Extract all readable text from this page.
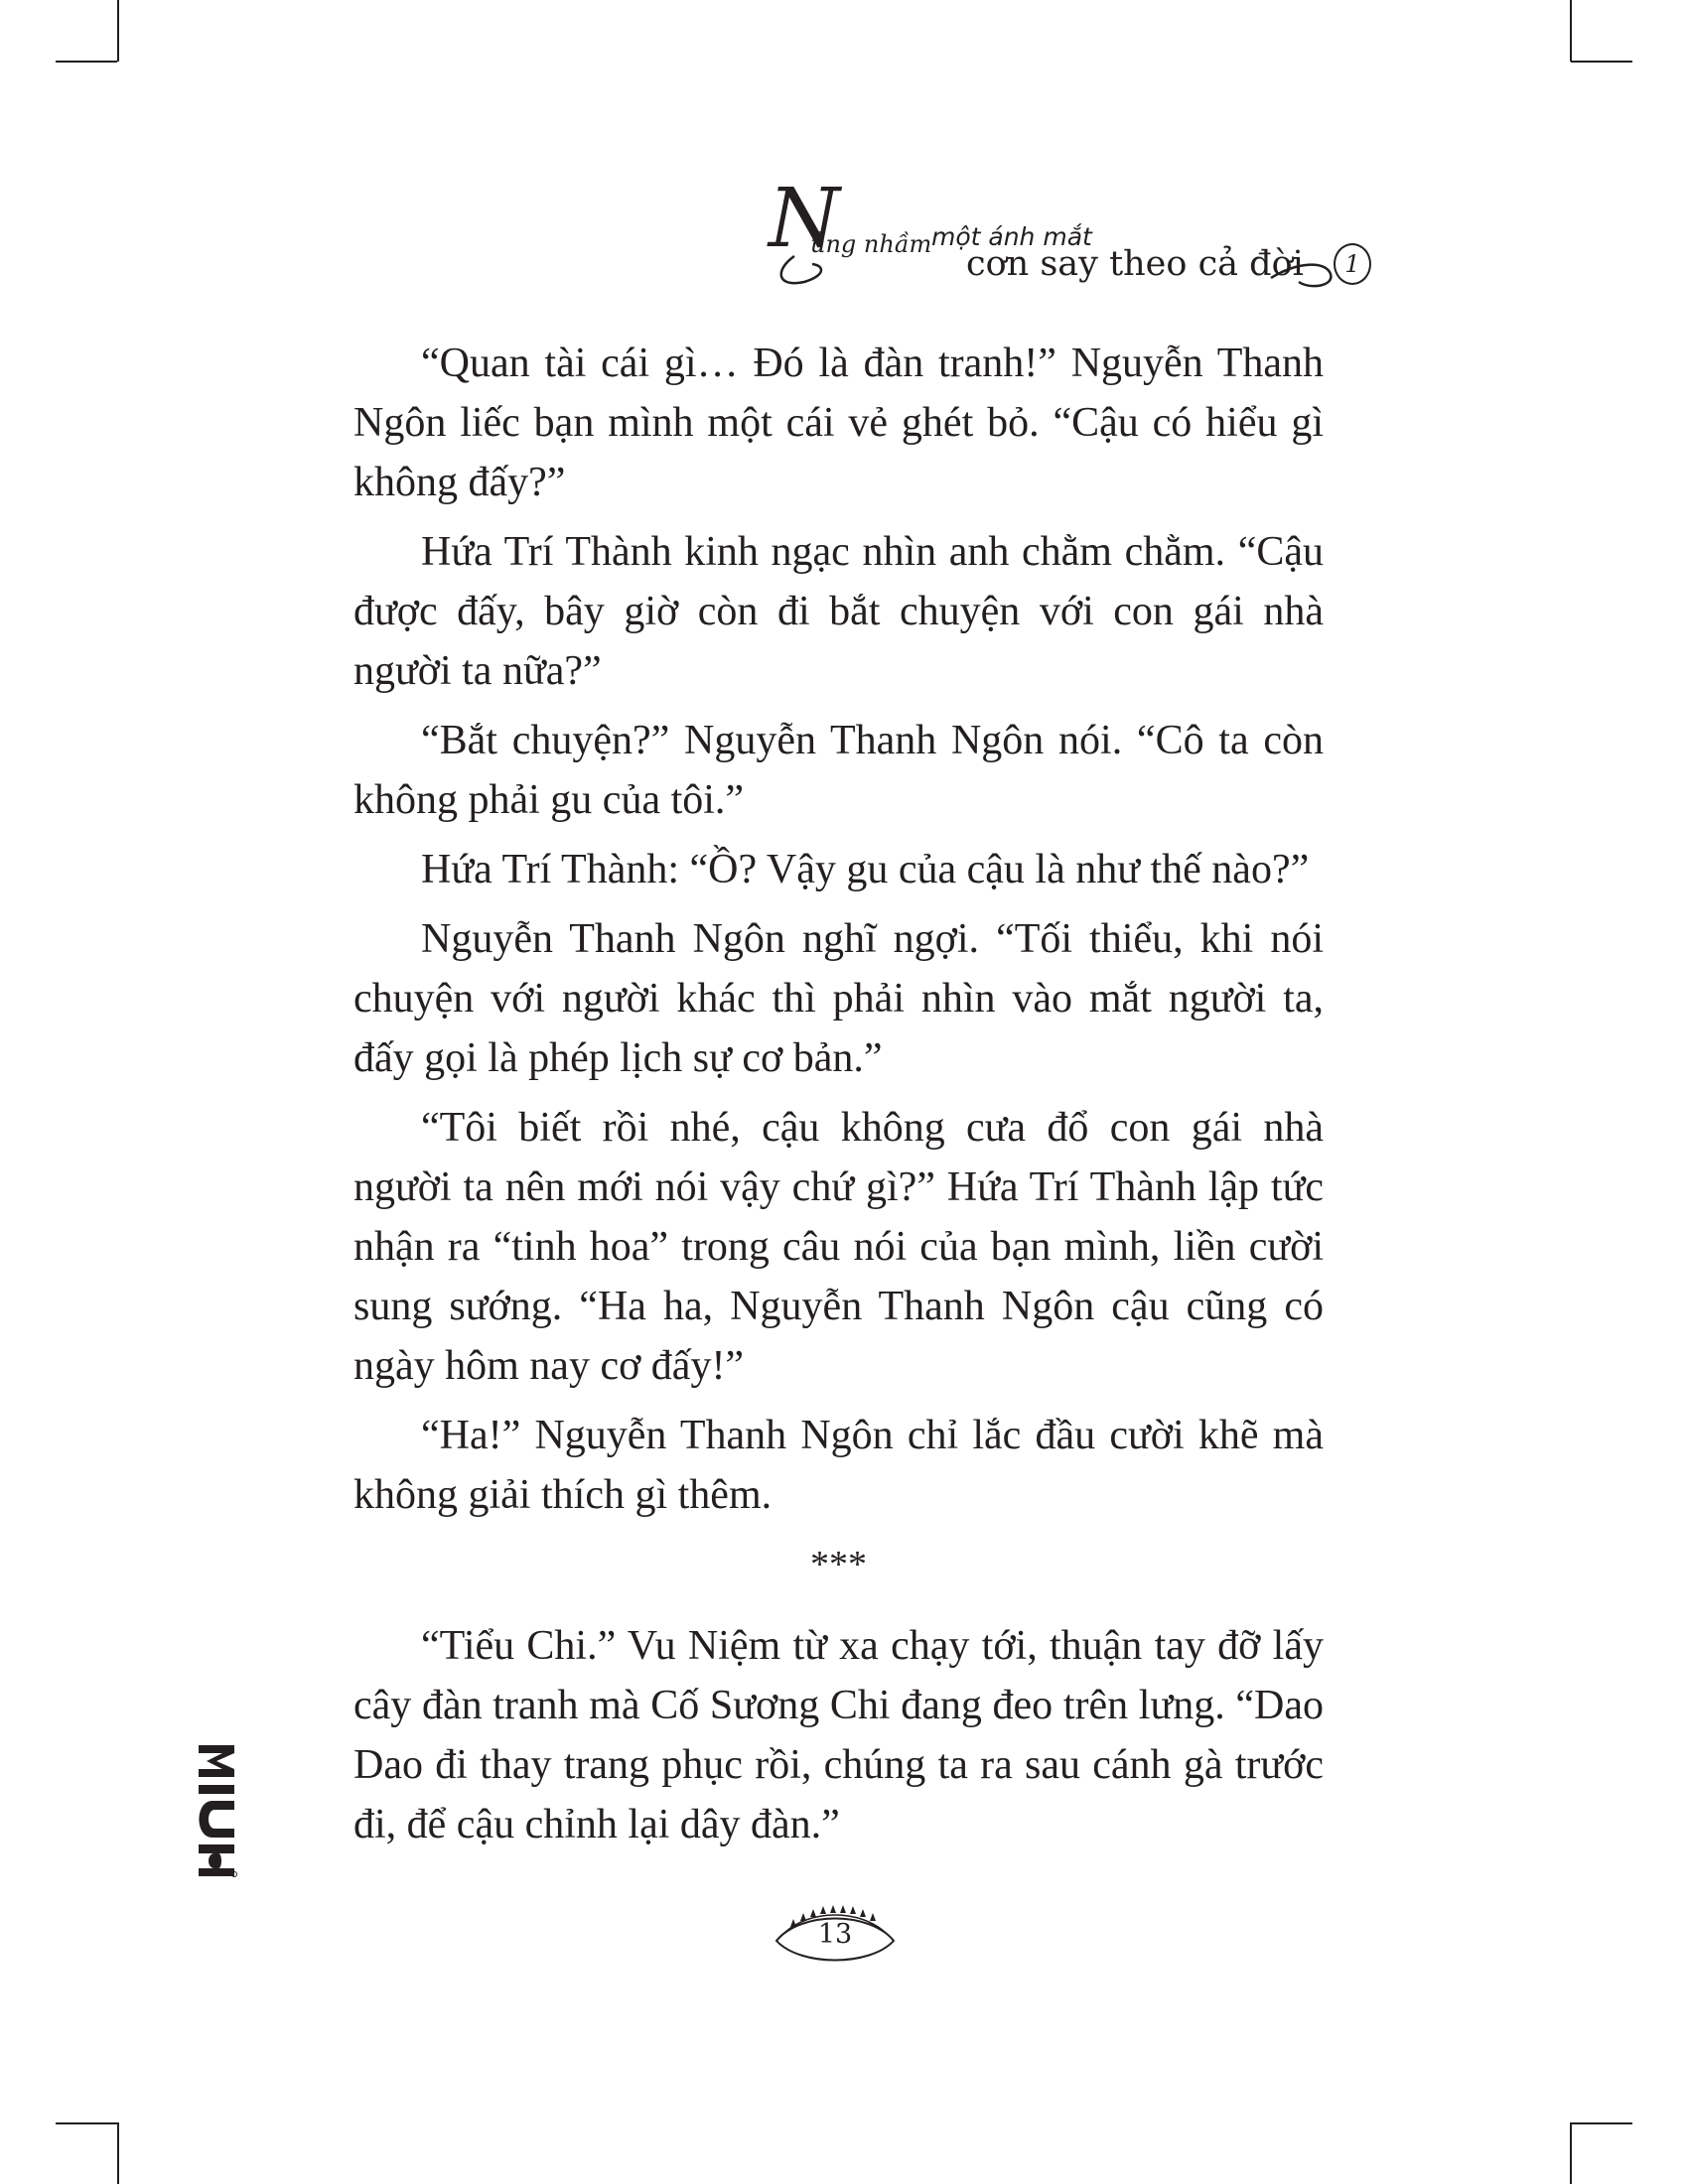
N
ủng nhầm một ánh mắt
cơn say theo cả đời	1

“Quan tài cái gì… Đó là đàn tranh!” Nguyễn Thanh Ngôn liếc bạn mình một cái vẻ ghét bỏ. “Cậu có hiểu gì không đấy?”

Hứa Trí Thành kinh ngạc nhìn anh chằm chằm. “Cậu được đấy, bây giờ còn đi bắt chuyện với con gái nhà người ta nữa?”

“Bắt chuyện?” Nguyễn Thanh Ngôn nói. “Cô ta còn không phải gu của tôi.”

Hứa Trí Thành: “Ồ? Vậy gu của cậu là như thế nào?”

Nguyễn Thanh Ngôn nghĩ ngợi. “Tối thiểu, khi nói chuyện với người khác thì phải nhìn vào mắt người ta, đấy gọi là phép lịch sự cơ bản.”

“Tôi biết rồi nhé, cậu không cưa đổ con gái nhà người ta nên mới nói vậy chứ gì?” Hứa Trí Thành lập tức nhận ra “tinh hoa” trong câu nói của bạn mình, liền cười sung sướng. “Ha ha, Nguyễn Thanh Ngôn cậu cũng có ngày hôm nay cơ đấy!”

“Ha!” Nguyễn Thanh Ngôn chỉ lắc đầu cười khẽ mà không giải thích gì thêm.

***

“Tiểu Chi.” Vu Niệm từ xa chạy tới, thuận tay đỡ lấy cây đàn tranh mà Cố Sương Chi đang đeo trên lưng. “Dao Dao đi thay trang phục rồi, chúng ta ra sau cánh gà trước đi, để cậu chỉnh lại dây đàn.”

13
